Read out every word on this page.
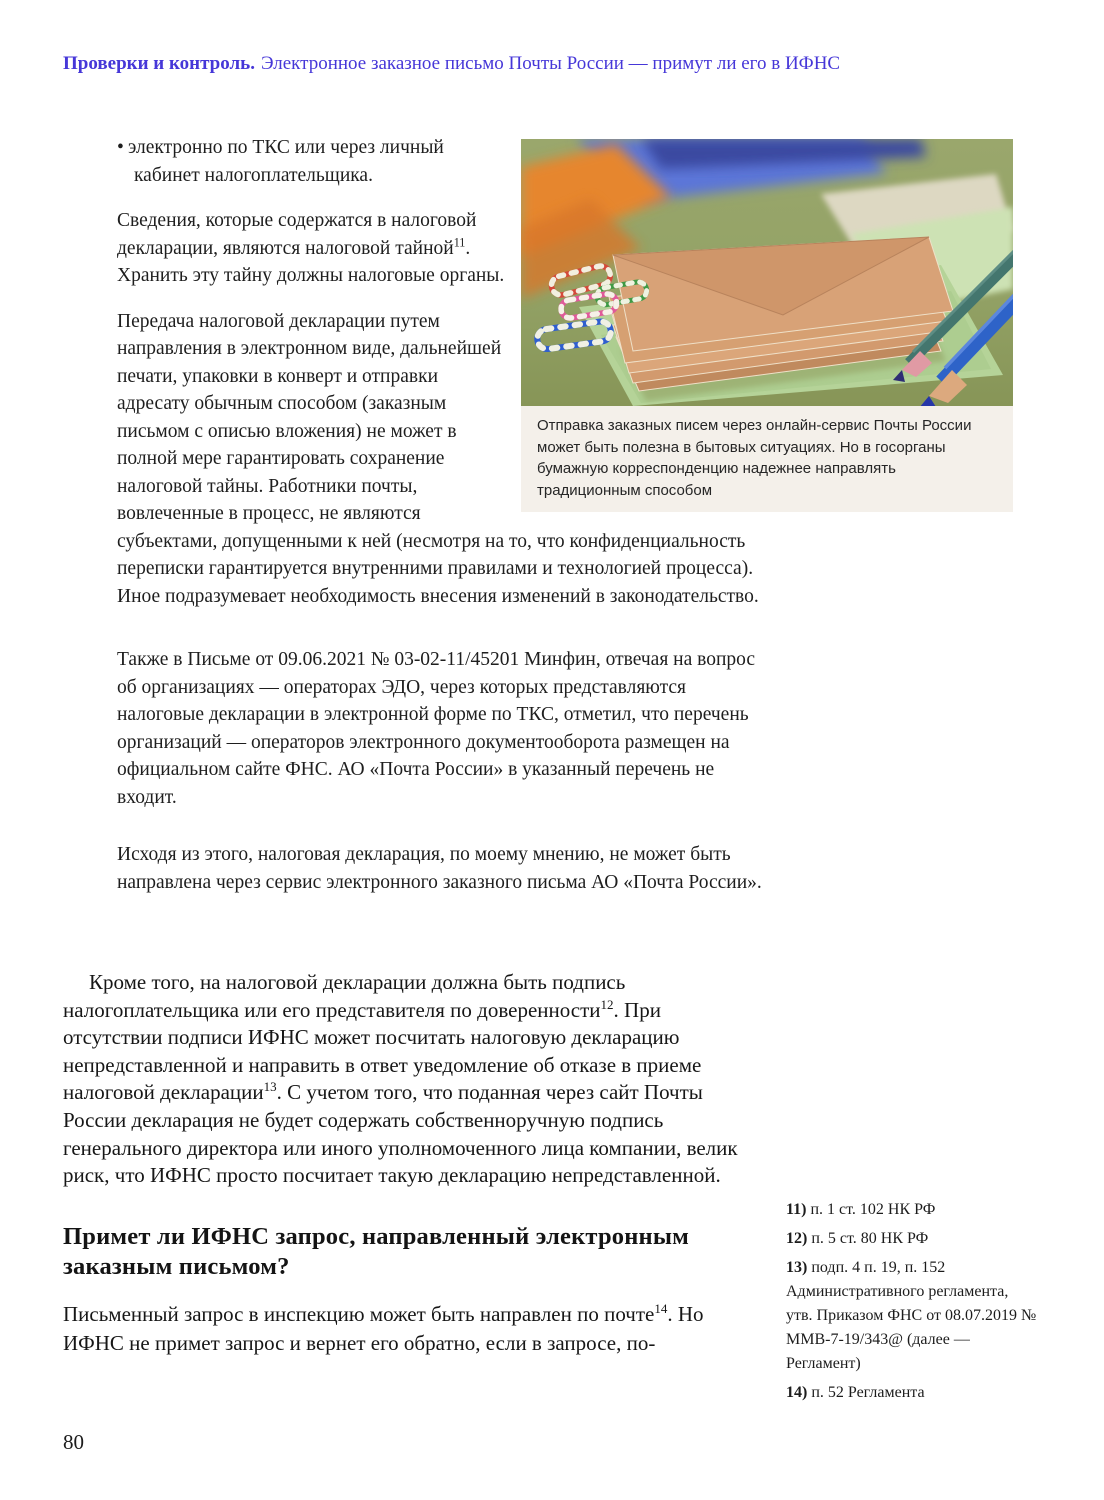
Проверки и контроль. Электронное заказное письмо Почты России — примут ли его в ИФНС
Отправка заказных писем через онлайн-сервис Почты России может быть полезна в бытовых ситуациях. Но в госорганы бумажную корреспонденцию надежнее направлять традиционным способом

• электронно по ТКС или через личный кабинет налогоплательщика.

Сведения, которые содержатся в налоговой декларации, являются налоговой тайной$^{11}$. Хранить эту тайну должны налоговые органы.

Передача налоговой декларации путем направления в электронном виде, дальнейшей печати, упаковки в конверт и отправки адресату обычным способом (заказным письмом с описью вложения) не может в полной мере гарантировать сохранение налоговой тайны. Работники почты, вовлеченные в процесс, не являются субъектами, допущенными к ней (несмотря на то, что конфиденциальность переписки гарантируется внутренними правилами и технологией процесса). Иное подразумевает необходимость внесения изменений в законодательство.

Также в Письме от 09.06.2021 № 03-02-11/45201 Минфин, отвечая на вопрос об организациях — операторах ЭДО, через которых представляются налоговые декларации в электронной форме по ТКС, отметил, что перечень организаций — операторов электронного документооборота размещен на официальном сайте ФНС. АО «Почта России» в указанный перечень не входит.

Исходя из этого, налоговая декларация, по моему мнению, не может быть направлена через сервис электронного заказного письма АО «Почта России».

Кроме того, на налоговой декларации должна быть подпись налогоплательщика или его представителя по доверенности$^{12}$. При отсутствии подписи ИФНС может посчитать налоговую декларацию непредставленной и направить в ответ уведомление об отказе в приеме налоговой декларации$^{13}$. С учетом того, что поданная через сайт Почты России декларация не будет содержать собственноручную подпись генерального директора или иного уполномоченного лица компании, велик риск, что ИФНС просто посчитает такую декларацию непредставленной.

Примет ли ИФНС запрос, направленный электронным заказным письмом?

Письменный запрос в инспекцию может быть направлен по почте$^{14}$. Но ИФНС не примет запрос и вернет его обратно, если в запросе, по-

11) п. 1 ст. 102 НК РФ

12) п. 5 ст. 80 НК РФ

13) подп. 4 п. 19, п. 152 Административного регламента, утв. Приказом ФНС от 08.07.2019 № ММВ-7-19/343@ (далее — Регламент)

14) п. 52 Регламента

80
